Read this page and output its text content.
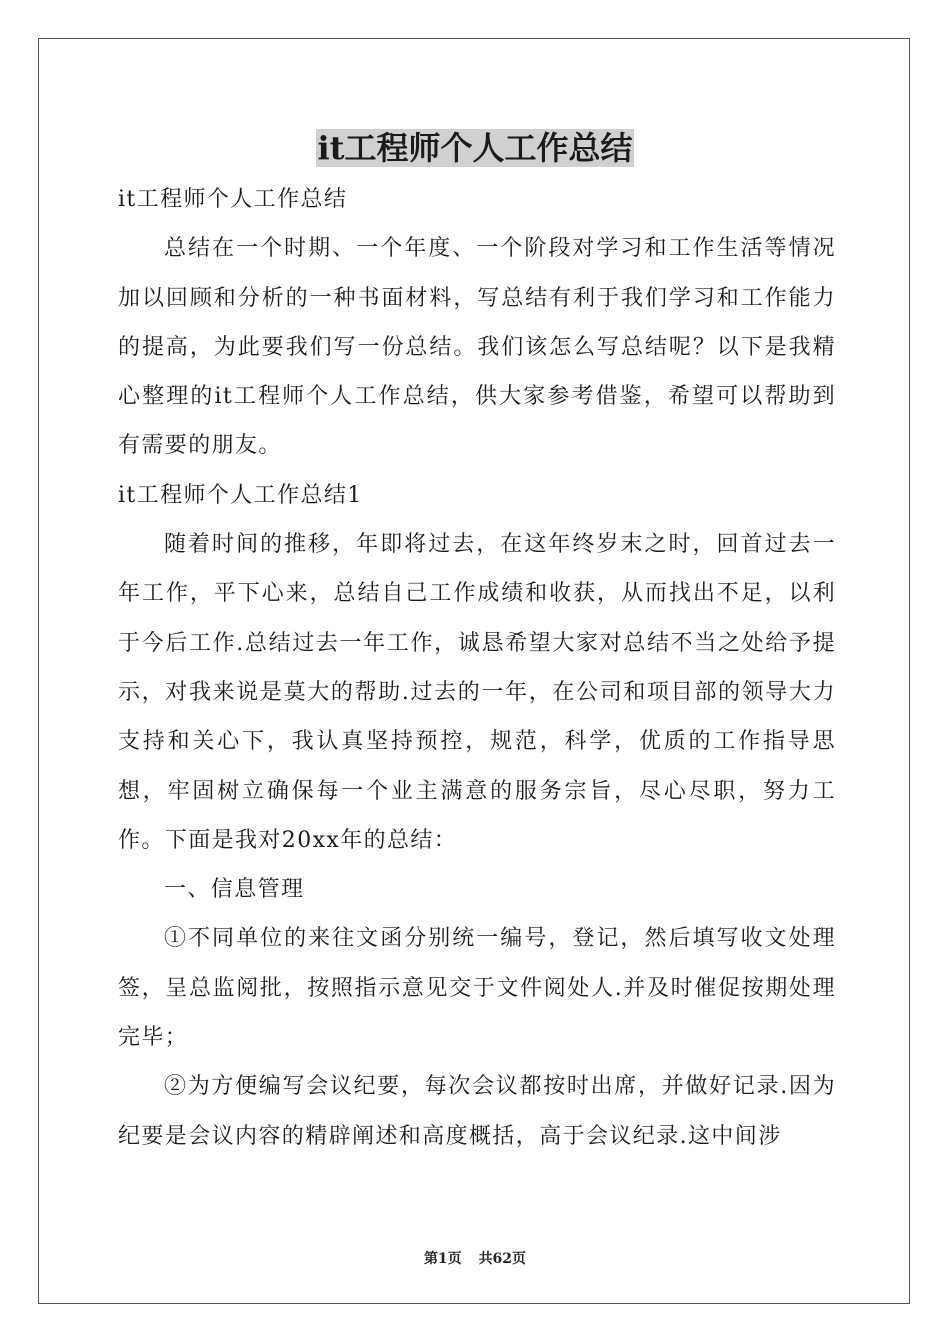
it工程师个人工作总结

it工程师个人工作总结

总结在一个时期、一个年度、一个阶段对学习和工作生活等情况加以回顾和分析的一种书面材料，写总结有利于我们学习和工作能力的提高，为此要我们写一份总结。我们该怎么写总结呢？以下是我精心整理的it工程师个人工作总结，供大家参考借鉴，希望可以帮助到有需要的朋友。

it工程师个人工作总结1

随着时间的推移，年即将过去，在这年终岁末之时，回首过去一年工作，平下心来，总结自己工作成绩和收获，从而找出不足，以利于今后工作.总结过去一年工作，诚恳希望大家对总结不当之处给予提示，对我来说是莫大的帮助.过去的一年，在公司和项目部的领导大力支持和关心下，我认真坚持预控，规范，科学，优质的工作指导思想，牢固树立确保每一个业主满意的服务宗旨，尽心尽职，努力工作。下面是我对20xx年的总结：

一、信息管理

①不同单位的来往文函分别统一编号，登记，然后填写收文处理签，呈总监阅批，按照指示意见交于文件阅处人.并及时催促按期处理完毕；

②为方便编写会议纪要，每次会议都按时出席，并做好记录.因为纪要是会议内容的精辟阐述和高度概括，高于会议纪录.这中间涉

第1页 共62页
